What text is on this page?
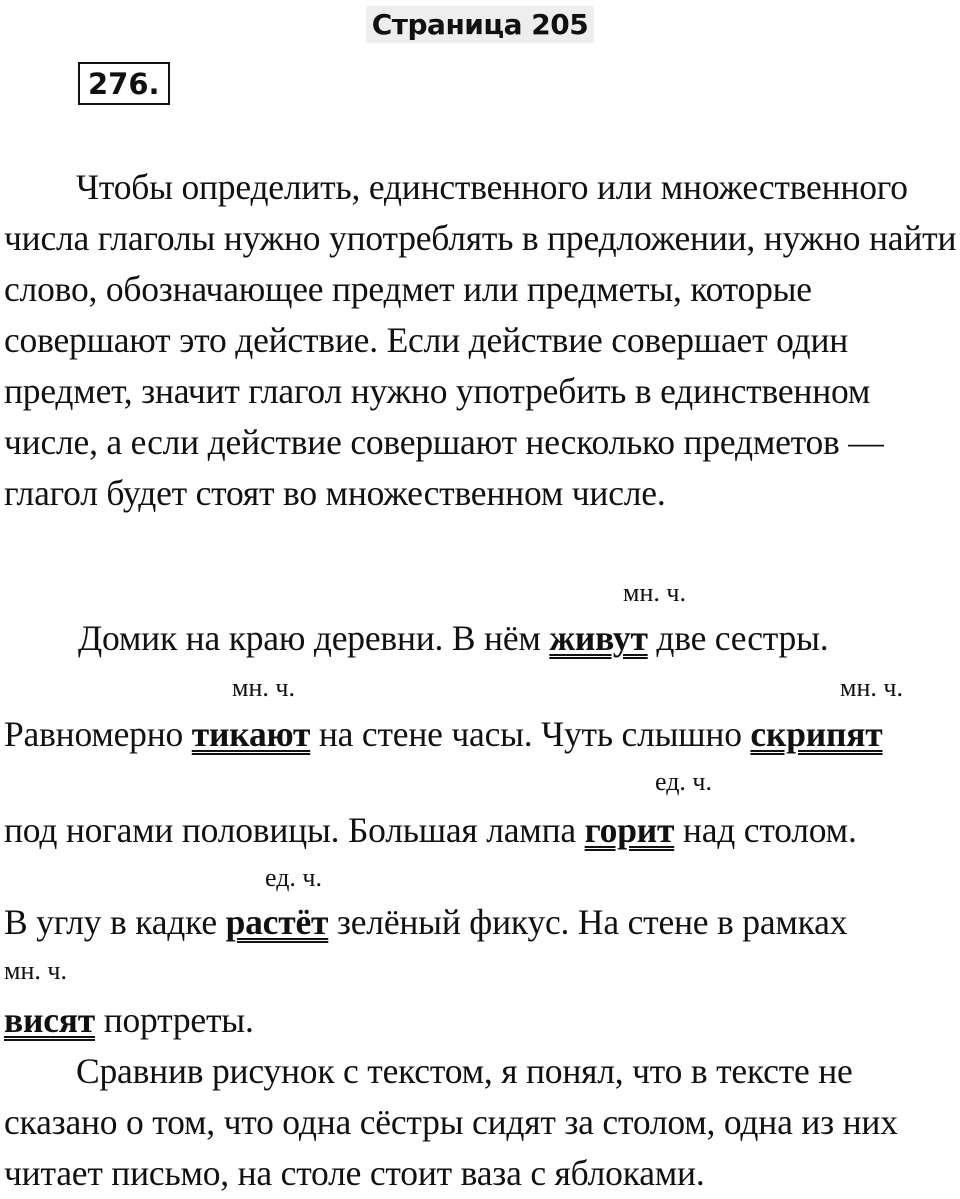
Страница 205
276.

Чтобы определить, единственного или множественного числа глаголы нужно употреблять в предложении, нужно найти слово, обозначающее предмет или предметы, которые совершают это действие. Если действие совершает один предмет, значит глагол нужно употребить в единственном числе, а если действие совершают несколько предметов — глагол будет стоят во множественном числе.

мн. ч.
Домик на краю деревни. В нём живут две сестры.
мн. ч.	мн. ч.
Равномерно тикают на стене часы. Чуть слышно скрипят
ед. ч.
под ногами половицы. Большая лампа горит над столом.
ед. ч.
В углу в кадке растёт зелёный фикус. На стене в рамках
мн. ч.
висят портреты.

Сравнив рисунок с текстом, я понял, что в тексте не сказано о том, что одна сёстры сидят за столом, одна из них читает письмо, на столе стоит ваза с яблоками.
